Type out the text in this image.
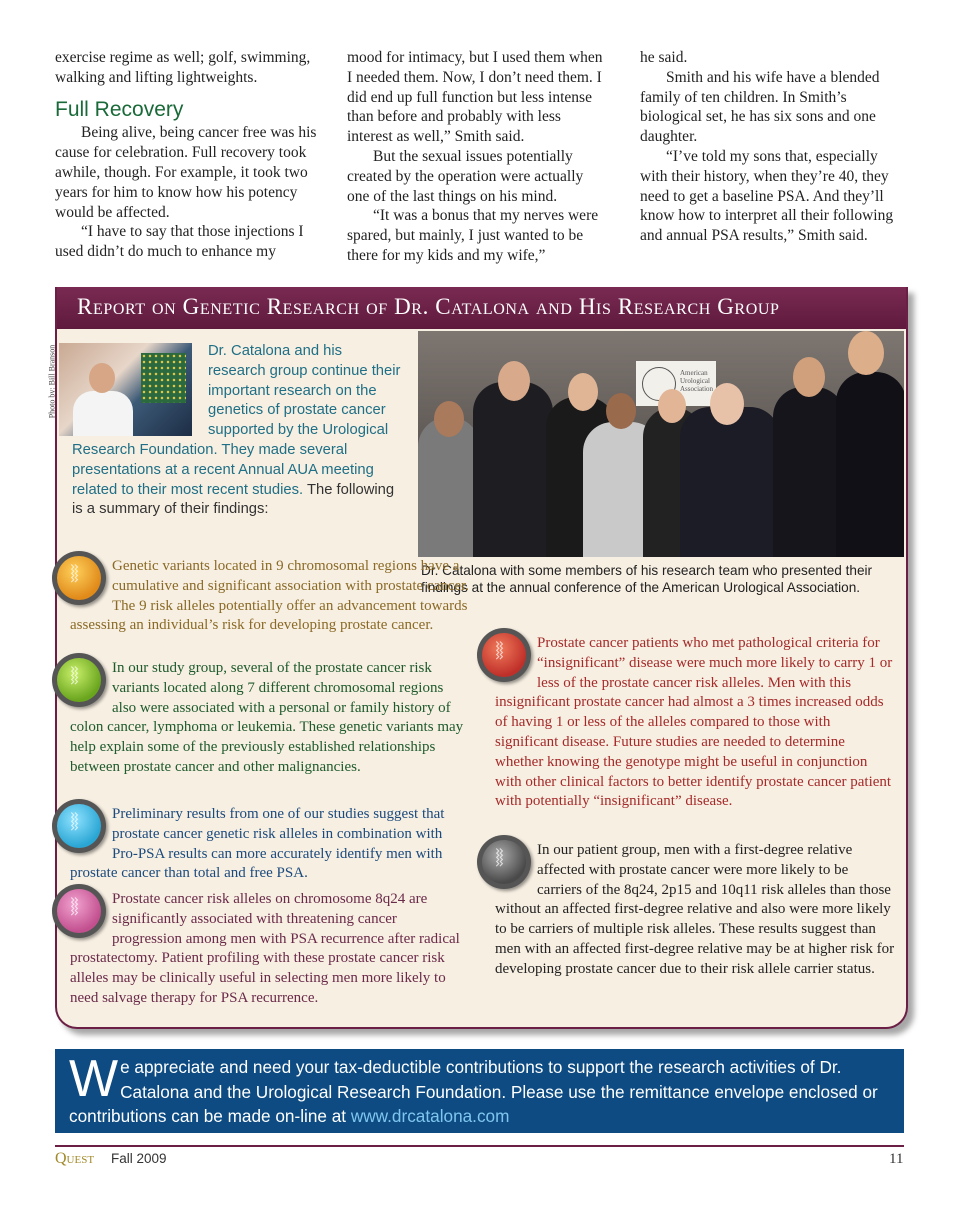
exercise regime as well; golf, swimming, walking and lifting lightweights.

Full Recovery

Being alive, being cancer free was his cause for celebration. Full recovery took awhile, though. For example, it took two years for him to know how his potency would be affected.

“I have to say that those injections I used didn’t do much to enhance my

mood for intimacy, but I used them when I needed them. Now, I don’t need them. I did end up full function but less intense than before and probably with less interest as well,” Smith said.

But the sexual issues potentially created by the operation were actually one of the last things on his mind.

“It was a bonus that my nerves were spared, but mainly, I just wanted to be there for my kids and my wife,”

he said.

Smith and his wife have a blended family of ten children. In Smith’s biological set, he has six sons and one daughter.

“I’ve told my sons that, especially with their history, when they’re 40, they need to get a baseline PSA. And they’ll know how to interpret all their following and annual PSA results,” Smith said.

Report on Genetic Research of Dr. Catalona and His Research Group
Photo by: Bill Branson	Dr. Catalona and his research group continue their important research on the genetics of prostate cancer supported by the Urological Research Foundation. They made several presentations at a recent Annual AUA meeting related to their most recent studies. The following is a summary of their findings:
American Urological Association
Dr. Catalona with some members of his research team who presented their findings at the annual conference of the American Urological Association.
⧚ Genetic variants located in 9 chromosomal regions have a cumulative and significant association with prostate cancer. The 9 risk alleles potentially offer an advancement towards assessing an individual’s risk for developing prostate cancer.
⧚ In our study group, several of the prostate cancer risk variants located along 7 different chromosomal regions also were associated with a personal or family history of colon cancer, lymphoma or leukemia. These genetic variants may help explain some of the previously established relationships between prostate cancer and other malignancies.
⧚ Preliminary results from one of our studies suggest that prostate cancer genetic risk alleles in combination with Pro-PSA results can more accurately identify men with prostate cancer than total and free PSA.
⧚ Prostate cancer risk alleles on chromosome 8q24 are significantly associated with threatening cancer progression among men with PSA recurrence after radical prostatectomy. Patient profiling with these prostate cancer risk alleles may be clinically useful in selecting men more likely to need salvage therapy for PSA recurrence.
⧚ Prostate cancer patients who met pathological criteria for “insignificant” disease were much more likely to carry 1 or less of the prostate cancer risk alleles. Men with this insignificant prostate cancer had almost a 3 times increased odds of having 1 or less of the alleles compared to those with significant disease. Future studies are needed to determine whether knowing the genotype might be useful in conjunction with other clinical factors to better identify prostate cancer patient with potentially “insignificant” disease.
⧚ In our patient group, men with a first-degree relative affected with prostate cancer were more likely to be carriers of the 8q24, 2p15 and 10q11 risk alleles than those without an affected first-degree relative and also were more likely to be carriers of multiple risk alleles. These results suggest than men with an affected first-degree relative may be at higher risk for developing prostate cancer due to their risk allele carrier status.
We appreciate and need your tax-deductible contributions to support the research activities of Dr. Catalona and the Urological Research Foundation. Please use the remittance envelope enclosed or contributions can be made on-line at www.drcatalona.com
Quest Fall 2009	11
